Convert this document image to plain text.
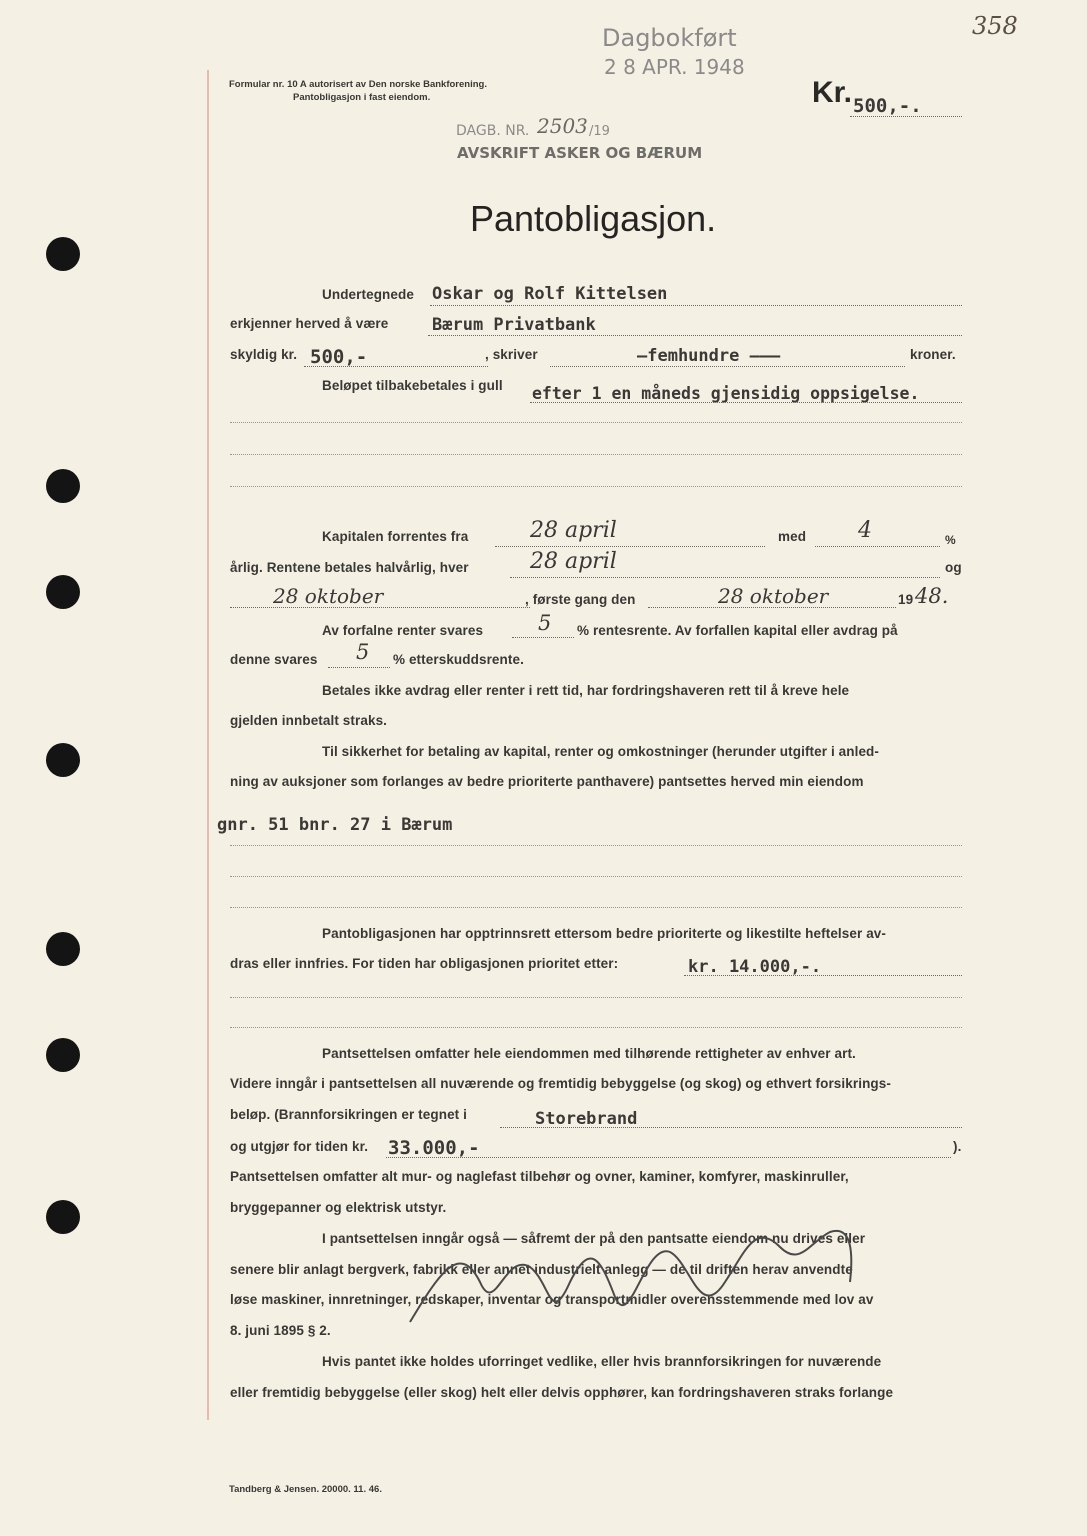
Dagbokført
2 8 APR. 1948
358
Formular nr. 10 A autorisert av Den norske Bankforening.
Pantobligasjon i fast eiendom.	Kr. 500,-.
DAGB. NR. 2503 /19
AVSKRIFT ASKER OG BÆRUM
Pantobligasjon.
Undertegnede Oskar og Rolf Kittelsen
erkjenner herved å være	Bærum Privatbank
skyldig kr. 500,-	, skriver	—femhundre ———	kroner.
Beløpet tilbakebetales i gull efter 1 en måneds gjensidig oppsigelse.
Kapitalen forrentes fra	28 april	med 4	%
årlig. Rentene betales halvårlig, hver	28 april	og
28 oktober	, første gang den	28 oktober	19 48.
Av forfalne renter svares	5 % rentesrente. Av forfallen kapital eller avdrag på
denne svares 5 % etterskuddsrente.
Betales ikke avdrag eller renter i rett tid, har fordringshaveren rett til å kreve hele
gjelden innbetalt straks.
Til sikkerhet for betaling av kapital, renter og omkostninger (herunder utgifter i anled-
ning av auksjoner som forlanges av bedre prioriterte panthavere) pantsettes herved min eiendom
gnr. 51 bnr. 27 i Bærum
Pantobligasjonen har opptrinnsrett ettersom bedre prioriterte og likestilte heftelser av-
dras eller innfries. For tiden har obligasjonen prioritet etter:	kr. 14.000,-.
Pantsettelsen omfatter hele eiendommen med tilhørende rettigheter av enhver art.
Videre inngår i pantsettelsen all nuværende og fremtidig bebyggelse (og skog) og ethvert forsikrings-
beløp. (Brannforsikringen er tegnet i	Storebrand
og utgjør for tiden kr. 33.000,-	).
Pantsettelsen omfatter alt mur- og naglefast tilbehør og ovner, kaminer, komfyrer, maskinruller,
bryggepanner og elektrisk utstyr.
I pantsettelsen inngår også — såfremt der på den pantsatte eiendom nu drives eller
senere blir anlagt bergverk, fabrikk eller annet industrielt anlegg — de til driften herav anvendte
løse maskiner, innretninger, redskaper, inventar og transportmidler overensstemmende med lov av
8. juni 1895 § 2.
Hvis pantet ikke holdes uforringet vedlike, eller hvis brannforsikringen for nuværende
eller fremtidig bebyggelse (eller skog) helt eller delvis opphører, kan fordringshaveren straks forlange
Tandberg & Jensen. 20000. 11. 46.
